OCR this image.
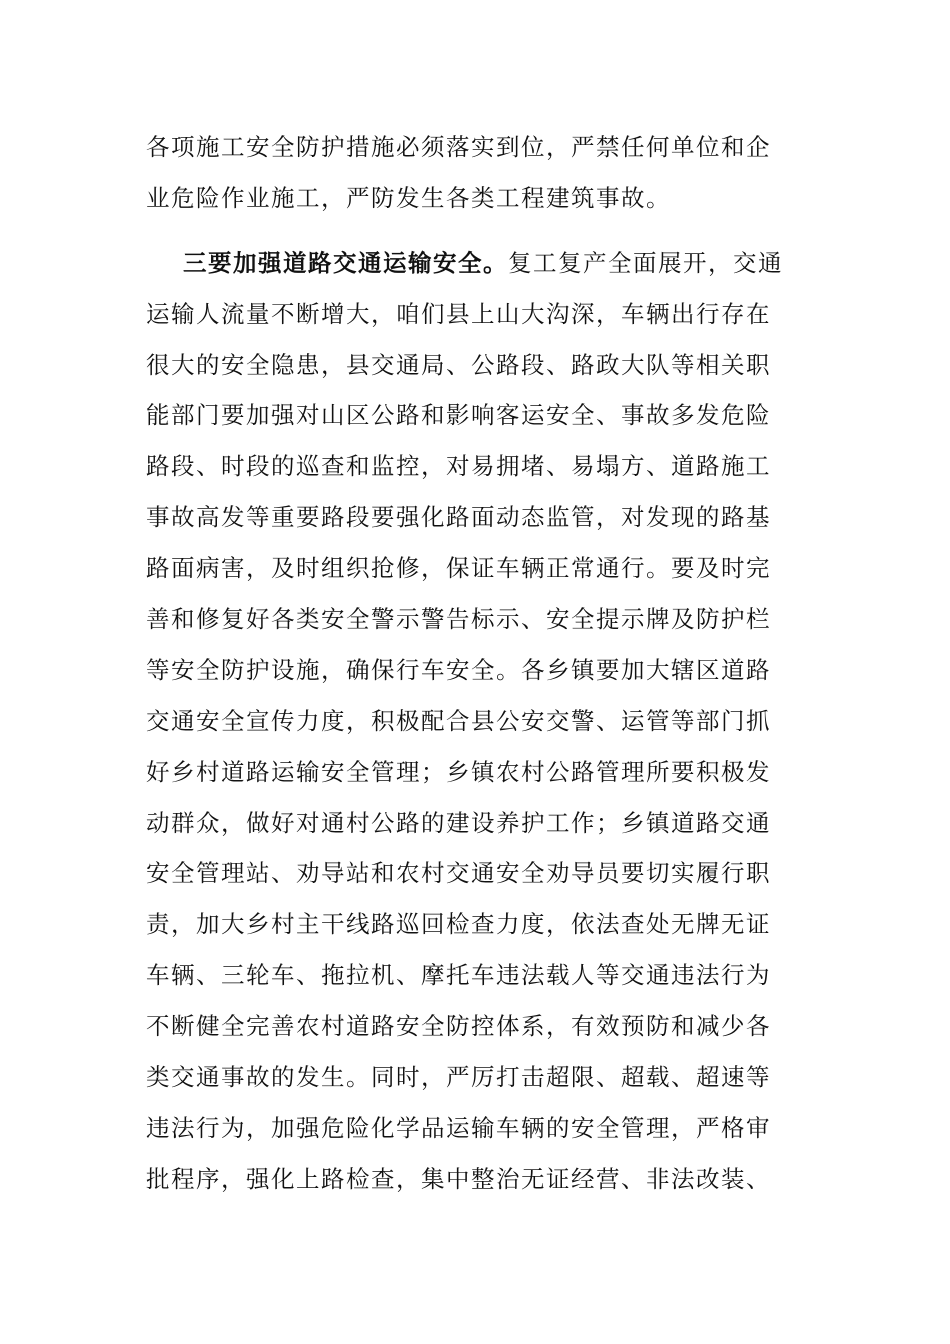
各项施工安全防护措施必须落实到位，严禁任何单位和企
业危险作业施工，严防发生各类工程建筑事故。
三要加强道路交通运输安全。复工复产全面展开，交通
运输人流量不断增大，咱们县上山大沟深，车辆出行存在
很大的安全隐患，县交通局、公路段、路政大队等相关职
能部门要加强对山区公路和影响客运安全、事故多发危险
路段、时段的巡查和监控，对易拥堵、易塌方、道路施工
事故高发等重要路段要强化路面动态监管，对发现的路基
路面病害，及时组织抢修，保证车辆正常通行。要及时完
善和修复好各类安全警示警告标示、安全提示牌及防护栏
等安全防护设施，确保行车安全。各乡镇要加大辖区道路
交通安全宣传力度，积极配合县公安交警、运管等部门抓
好乡村道路运输安全管理；乡镇农村公路管理所要积极发
动群众，做好对通村公路的建设养护工作；乡镇道路交通
安全管理站、劝导站和农村交通安全劝导员要切实履行职
责，加大乡村主干线路巡回检查力度，依法查处无牌无证
车辆、三轮车、拖拉机、摩托车违法载人等交通违法行为
不断健全完善农村道路安全防控体系，有效预防和减少各
类交通事故的发生。同时，严厉打击超限、超载、超速等
违法行为，加强危险化学品运输车辆的安全管理，严格审
批程序，强化上路检查，集中整治无证经营、非法改装、
